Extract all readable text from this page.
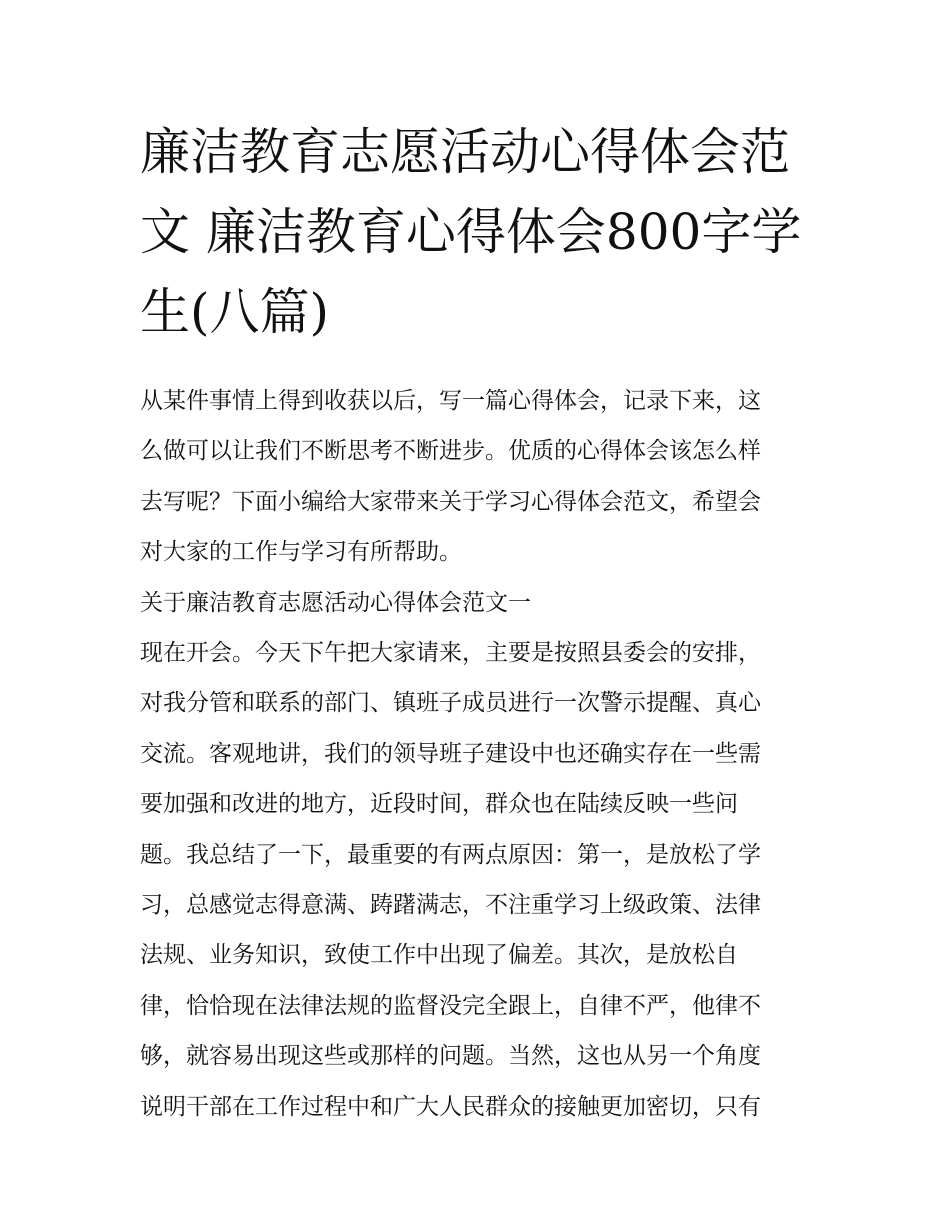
廉洁教育志愿活动心得体会范
文 廉洁教育心得体会800字学
生(八篇)
从某件事情上得到收获以后，写一篇心得体会，记录下来，这
么做可以让我们不断思考不断进步。优质的心得体会该怎么样
去写呢？下面小编给大家带来关于学习心得体会范文，希望会
对大家的工作与学习有所帮助。
关于廉洁教育志愿活动心得体会范文一
现在开会。今天下午把大家请来，主要是按照县委会的安排，
对我分管和联系的部门、镇班子成员进行一次警示提醒、真心
交流。客观地讲，我们的领导班子建设中也还确实存在一些需
要加强和改进的地方，近段时间，群众也在陆续反映一些问
题。我总结了一下，最重要的有两点原因：第一，是放松了学
习，总感觉志得意满、踌躇满志，不注重学习上级政策、法律
法规、业务知识，致使工作中出现了偏差。其次，是放松自
律，恰恰现在法律法规的监督没完全跟上，自律不严，他律不
够，就容易出现这些或那样的问题。当然，这也从另一个角度
说明干部在工作过程中和广大人民群众的接触更加密切，只有
